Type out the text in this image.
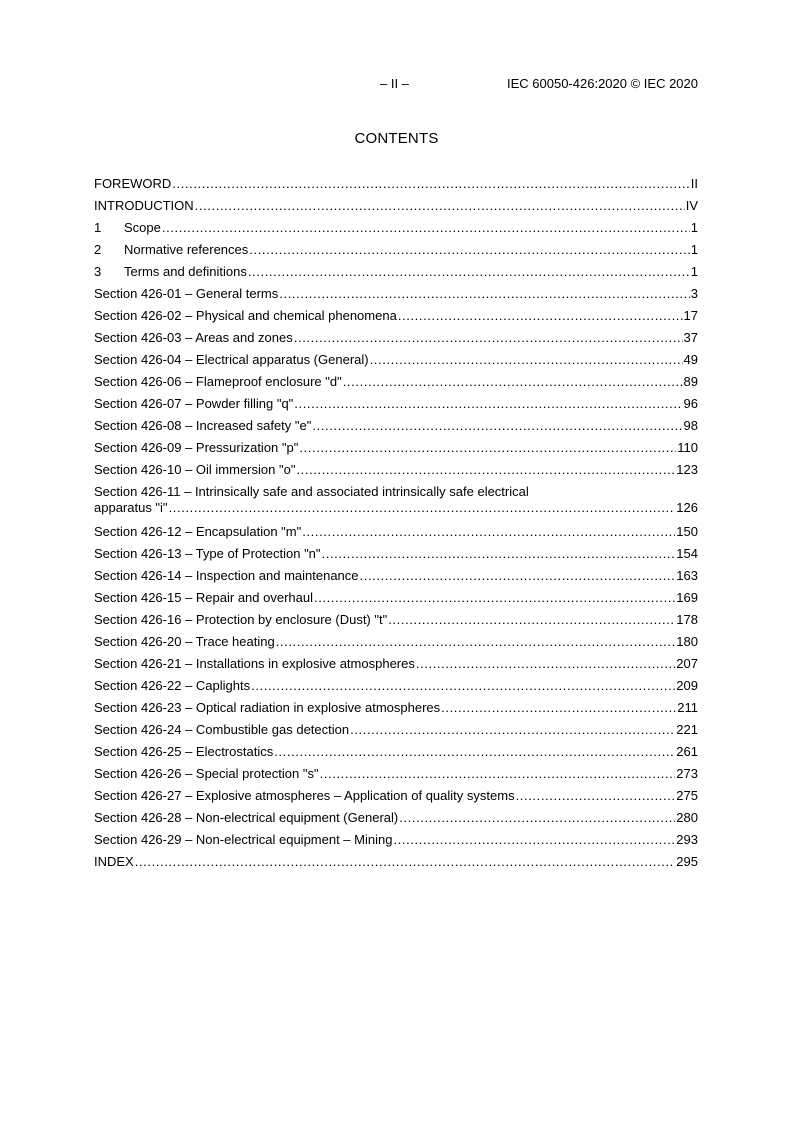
– II –	IEC 60050-426:2020 © IEC 2020
CONTENTS
FOREWORD .....	II
INTRODUCTION .....	IV
1	Scope .....	1
2	Normative references .....	1
3	Terms and definitions .....	1
Section 426-01 – General terms .....	3
Section 426-02 – Physical and chemical phenomena .....	17
Section 426-03 – Areas and zones .....	37
Section 426-04 – Electrical apparatus (General) .....	49
Section 426-06 – Flameproof enclosure "d" .....	89
Section 426-07 – Powder filling "q" .....	96
Section 426-08 – Increased safety "e" .....	98
Section 426-09 – Pressurization "p" .....	110
Section 426-10 – Oil immersion "o" .....	123
Section 426-11 – Intrinsically safe and associated intrinsically safe electrical
apparatus "i" .....	126
Section 426-12 – Encapsulation "m" .....	150
Section 426-13 – Type of Protection "n" .....	154
Section 426-14 – Inspection and maintenance .....	163
Section 426-15 – Repair and overhaul .....	169
Section 426-16 – Protection by enclosure (Dust) "t" .....	178
Section 426-20 – Trace heating .....	180
Section 426-21 – Installations in explosive atmospheres .....	207
Section 426-22 – Caplights .....	209
Section 426-23 – Optical radiation in explosive atmospheres .....	211
Section 426-24 – Combustible gas detection .....	221
Section 426-25 – Electrostatics .....	261
Section 426-26 – Special protection "s" .....	273
Section 426-27 – Explosive atmospheres – Application of quality systems .....	275
Section 426-28 – Non-electrical equipment (General) .....	280
Section 426-29 – Non-electrical equipment – Mining .....	293
INDEX .....	295
